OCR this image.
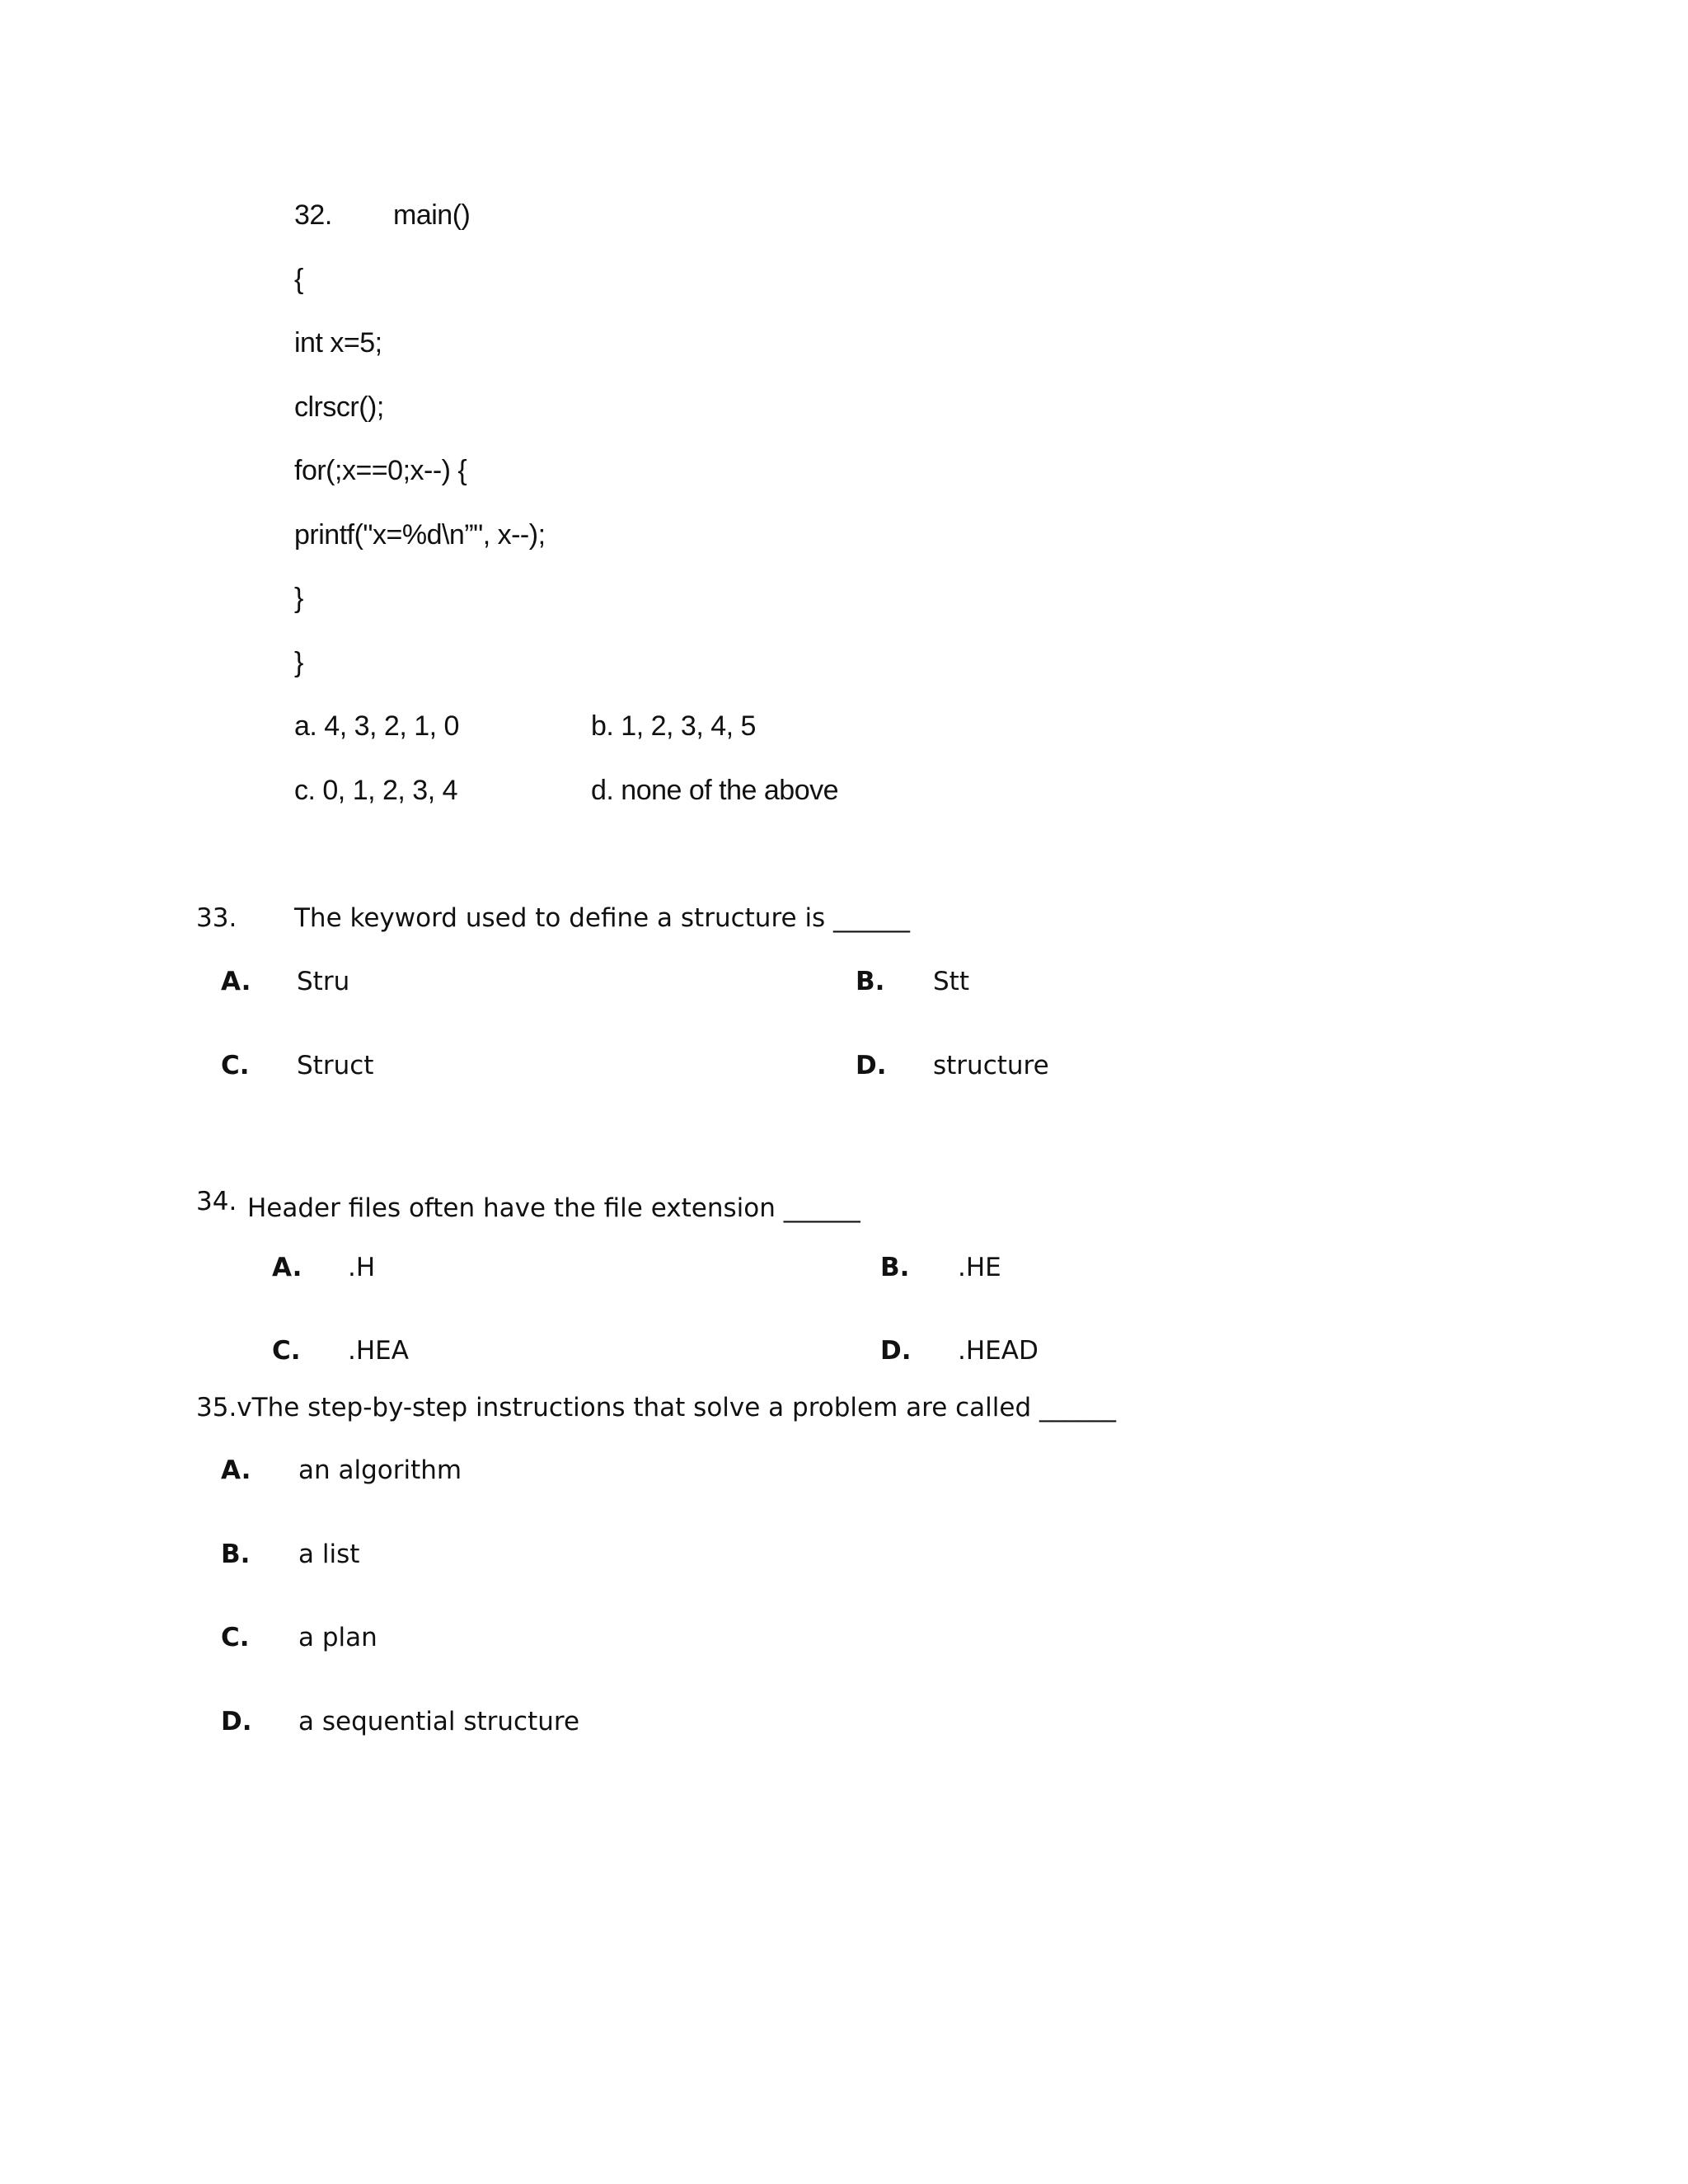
32. main()
{
int x=5;
clrscr();
for(;x==0;x--) {
printf("x=%d\n”", x--);
}
}
a. 4, 3, 2, 1, 0	b. 1, 2, 3, 4, 5
c. 0, 1, 2, 3, 4	d. none of the above
33. The keyword used to define a structure is ______
A. Stru	B. Stt
C. Struct	D. structure
34. Header files often have the file extension ______
A. .H	B. .HE
C. .HEA	D. .HEAD
35.vThe step-by-step instructions that solve a problem are called ______
A. an algorithm
B. a list
C. a plan
D. a sequential structure
